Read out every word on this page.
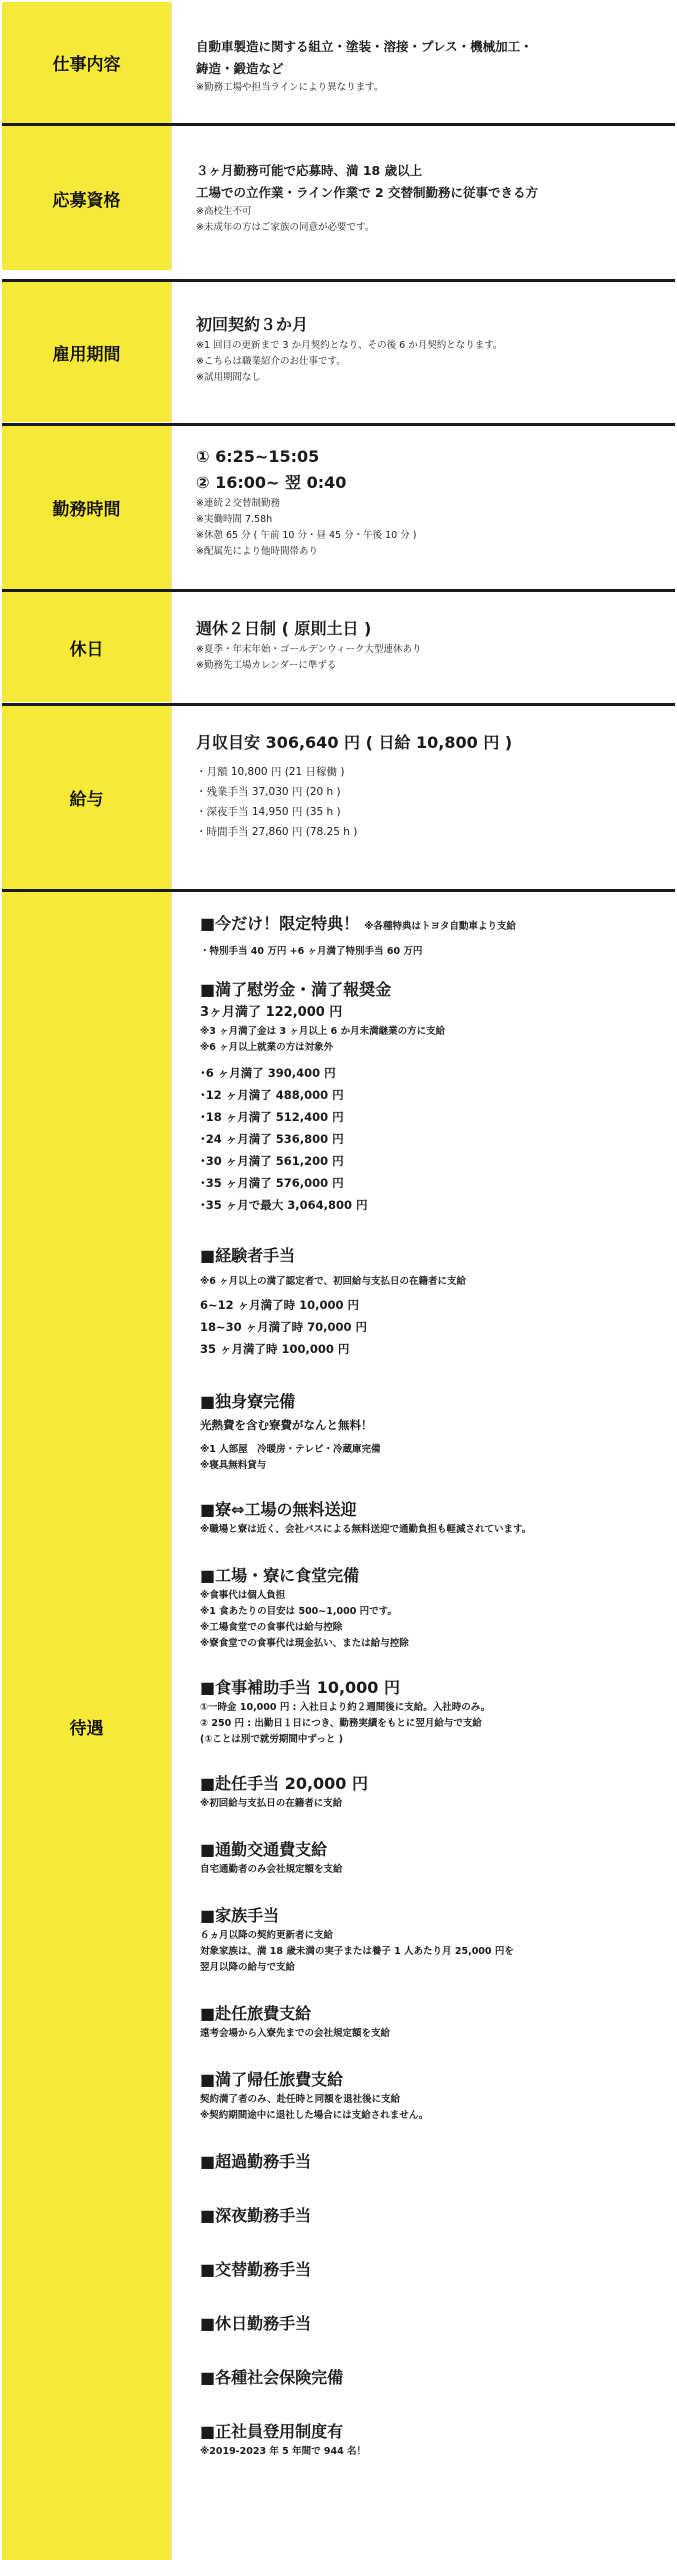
仕事内容
自動車製造に関する組立・塗装・溶接・プレス・機械加工・
鋳造・鍛造など
※勤務工場や担当ラインにより異なります。
応募資格
３ヶ月勤務可能で応募時、満 18 歳以上
工場での立作業・ライン作業で 2 交替制勤務に従事できる方
※高校生不可
※未成年の方はご家族の同意が必要です。
雇用期間
初回契約３か月
※1 回目の更新まで 3 か月契約となり、その後 6 か月契約となります。
※こちらは職業紹介のお仕事です。
※試用期間なし
勤務時間
① 6:25~15:05
② 16:00~ 翌 0:40
※連続２交替制勤務
※実働時間 7.58h
※休憩 65 分 ( 午前 10 分・昼 45 分・午後 10 分 )
※配属先により他時間帯あり
休日
週休２日制 ( 原則土日 )
※夏季・年末年始・ゴールデンウィーク大型連休あり
※勤務先工場カレンダーに準ずる
給与
月収目安 306,640 円 ( 日給 10,800 円 )
・月額 10,800 円 (21 日稼働 )
・残業手当 37,030 円 (20 h )
・深夜手当 14,950 円 (35 h )
・時間手当 27,860 円 (78.25 h )
待遇
■今だけ！限定特典！ ※各種特典はトヨタ自動車より支給
・特別手当 40 万円 +6 ヶ月満了特別手当 60 万円
■満了慰労金・満了報奨金
3ヶ月満了 122,000 円
※3 ヶ月満了金は 3 ヶ月以上 6 か月未満継業の方に支給
※6 ヶ月以上就業の方は対象外
･6 ヶ月満了 390,400 円
･12 ヶ月満了 488,000 円
･18 ヶ月満了 512,400 円
･24 ヶ月満了 536,800 円
･30 ヶ月満了 561,200 円
･35 ヶ月満了 576,000 円
･35 ヶ月で最大 3,064,800 円
■経験者手当
※6 ヶ月以上の満了認定者で、初回給与支払日の在籍者に支給
6~12 ヶ月満了時 10,000 円
18~30 ヶ月満了時 70,000 円
35 ヶ月満了時 100,000 円
■独身寮完備
光熱費を含む寮費がなんと無料！
※1 人部屋　冷暖房・テレビ・冷蔵庫完備
※寝具無料貸与
■寮⇔工場の無料送迎
※職場と寮は近く、会社バスによる無料送迎で通勤負担も軽減されています。
■工場・寮に食堂完備
※食事代は個人負担
※1 食あたりの目安は 500~1,000 円です。
※工場食堂での食事代は給与控除
※寮食堂での食事代は現金払い、または給与控除
■食事補助手当 10,000 円
①一時金 10,000 円 : 入社日より約２週間後に支給。入社時のみ。
② 250 円 : 出勤日１日につき、勤務実績をもとに翌月給与で支給
(①ことは別で就労期間中ずっと )
■赴任手当 20,000 円
※初回給与支払日の在籍者に支給
■通勤交通費支給
自宅通勤者のみ会社規定額を支給
■家族手当
６ヵ月以降の契約更新者に支給
対象家族は、満 18 歳未満の実子または養子 1 人あたり月 25,000 円を
翌月以降の給与で支給
■赴任旅費支給
遠考会場から入寮先までの会社規定額を支給
■満了帰任旅費支給
契約満了者のみ、赴任時と同額を退社後に支給
※契約期間途中に退社した場合には支給されません。
■超過勤務手当
■深夜勤務手当
■交替勤務手当
■休日勤務手当
■各種社会保険完備
■正社員登用制度有
※2019-2023 年 5 年間で 944 名！
